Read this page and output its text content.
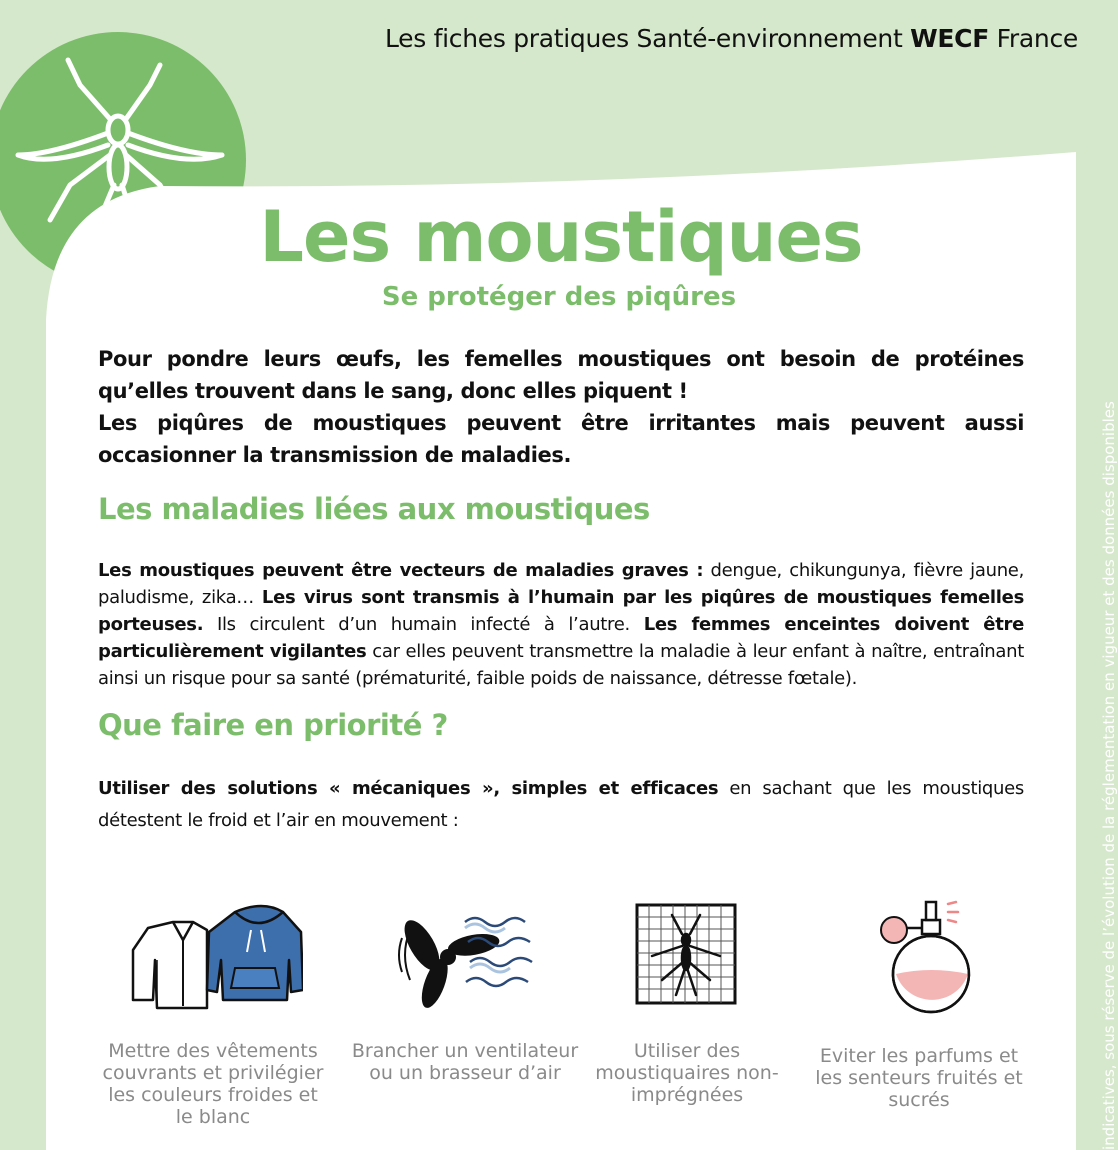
Les fiches pratiques Santé-environnement WECF France
indicatives, sous réserve de l’évolution de la réglementation en vigueur et des données disponibles
Les moustiques
Se protéger des piqûres

Pour pondre leurs œufs, les femelles moustiques ont besoin de protéines qu’elles trouvent dans le sang, donc elles piquent !

Les piqûres de moustiques peuvent être irritantes mais peuvent aussi occasionner la transmission de maladies.

Les maladies liées aux moustiques
Les moustiques peuvent être vecteurs de maladies graves : dengue, chikungunya, fièvre jaune, paludisme, zika… Les virus sont transmis à l’humain par les piqûres de moustiques femelles porteuses. Ils circulent d’un humain infecté à l’autre. Les femmes enceintes doivent être particulièrement vigilantes car elles peuvent transmettre la maladie à leur enfant à naître, entraînant ainsi un risque pour sa santé (prématurité, faible poids de naissance, détresse fœtale).
Que faire en priorité ?
Utiliser des solutions « mécaniques », simples et efficaces en sachant que les moustiques détestent le froid et l’air en mouvement :
Mettre des vêtements couvrants et privilégier les couleurs froides et le blanc
Brancher un ventilateur ou un brasseur d’air
Utiliser des moustiquaires non-imprégnées
Eviter les parfums et les senteurs fruités et sucrés
